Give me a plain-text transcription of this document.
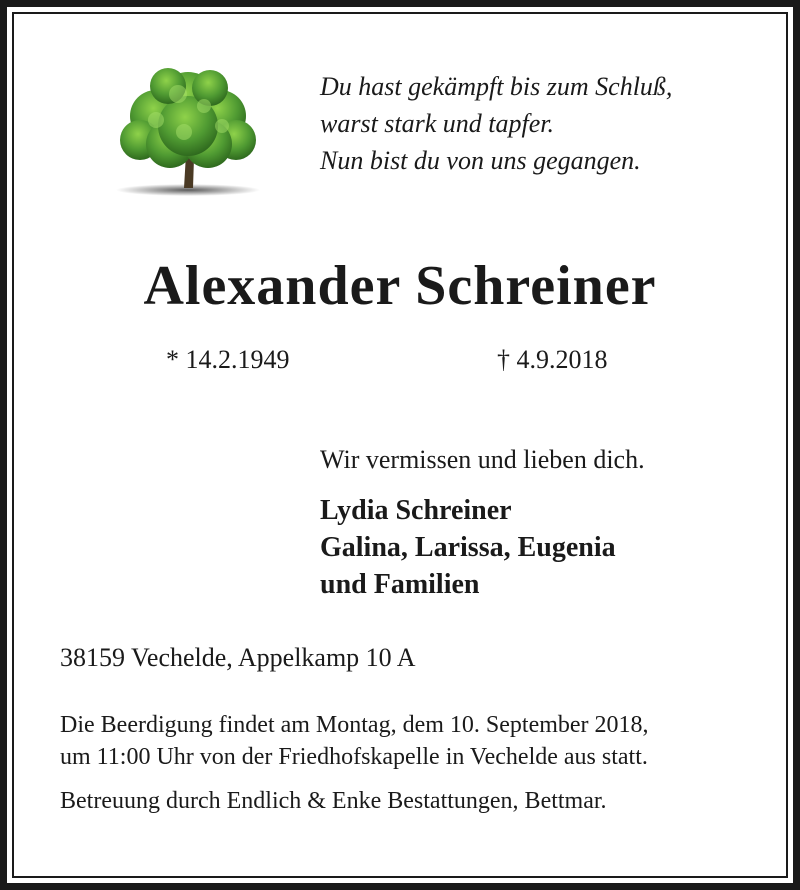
Du hast gekämpft bis zum Schluß,
warst stark und tapfer.
Nun bist du von uns gegangen.
Alexander Schreiner
* 14.2.1949	† 4.9.2018
Wir vermissen und lieben dich.
Lydia Schreiner
Galina, Larissa, Eugenia
und Familien
38159 Vechelde, Appelkamp 10 A
Die Beerdigung findet am Montag, dem 10. September 2018,
um 11:00 Uhr von der Friedhofskapelle in Vechelde aus statt.
Betreuung durch Endlich & Enke Bestattungen, Bettmar.
